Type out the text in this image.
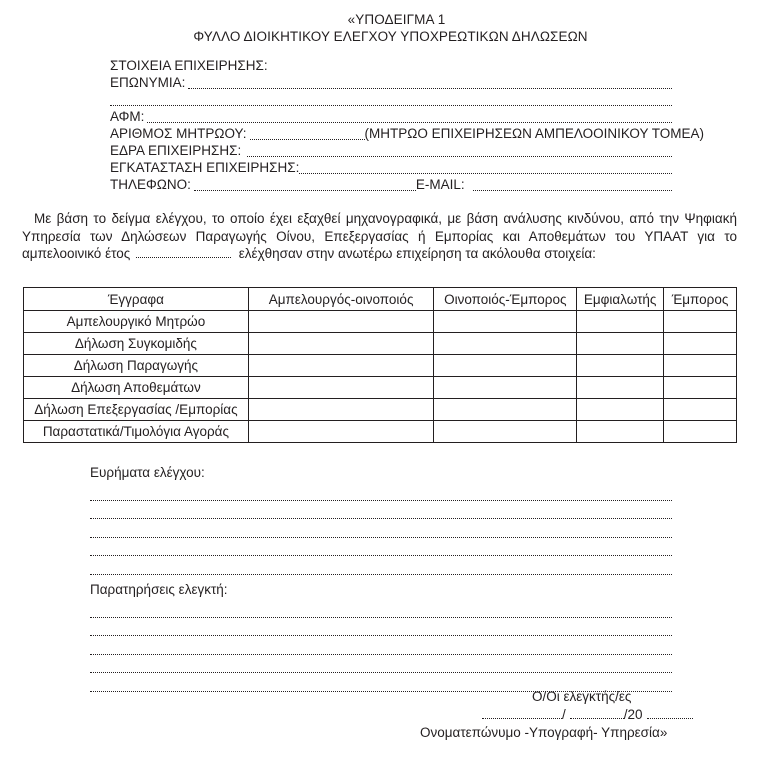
«ΥΠΟΔΕΙΓΜΑ 1
ΦΥΛΛΟ ΔΙΟΙΚΗΤΙΚΟΥ ΕΛΕΓΧΟΥ ΥΠΟΧΡΕΩΤΙΚΩΝ ΔΗΛΩΣΕΩΝ
ΣΤΟΙΧΕΙΑ ΕΠΙΧΕΙΡΗΣΗΣ:
ΕΠΩΝΥΜΙΑ:
ΑΦΜ:
ΑΡΙΘΜΟΣ ΜΗΤΡΩΟΥ:	(ΜΗΤΡΩΟ ΕΠΙΧΕΙΡΗΣΕΩΝ ΑΜΠΕΛΟΟΙΝΙΚΟΥ ΤΟΜΕΑ)
ΕΔΡΑ ΕΠΙΧΕΙΡΗΣΗΣ:
ΕΓΚΑΤΑΣΤΑΣΗ ΕΠΙΧΕΙΡΗΣΗΣ:
ΤΗΛΕΦΩΝΟ:	E-MAIL:

Με βάση το δείγμα ελέγχου, το οποίο έχει εξαχθεί μηχανογραφικά, με βάση ανάλυσης κινδύνου, από την Ψηφιακή Υπηρεσία των Δηλώσεων Παραγωγής Οίνου, Επεξεργασίας ή Εμπορίας και Αποθεμάτων του ΥΠΑΑΤ για το αμπελοοινικό έτος	ελέχθησαν στην ανωτέρω επιχείρηση τα ακόλουθα στοιχεία:

Έγγραφα	Αμπελουργός-οινοποιός	Οινοποιός-Έμπορος	Εμφιαλωτής	Έμπορος
Αμπελουργικό Μητρώο				
Δήλωση Συγκομιδής				
Δήλωση Παραγωγής				
Δήλωση Αποθεμάτων				
Δήλωση Επεξεργασίας /Εμπορίας				
Παραστατικά/Τιμολόγια Αγοράς				
Ευρήματα ελέγχου:
Παρατηρήσεις ελεγκτή:
Ο/Οι ελεγκτής/ες
/	/20
Ονοματεπώνυμο -Υπογραφή- Υπηρεσία»
